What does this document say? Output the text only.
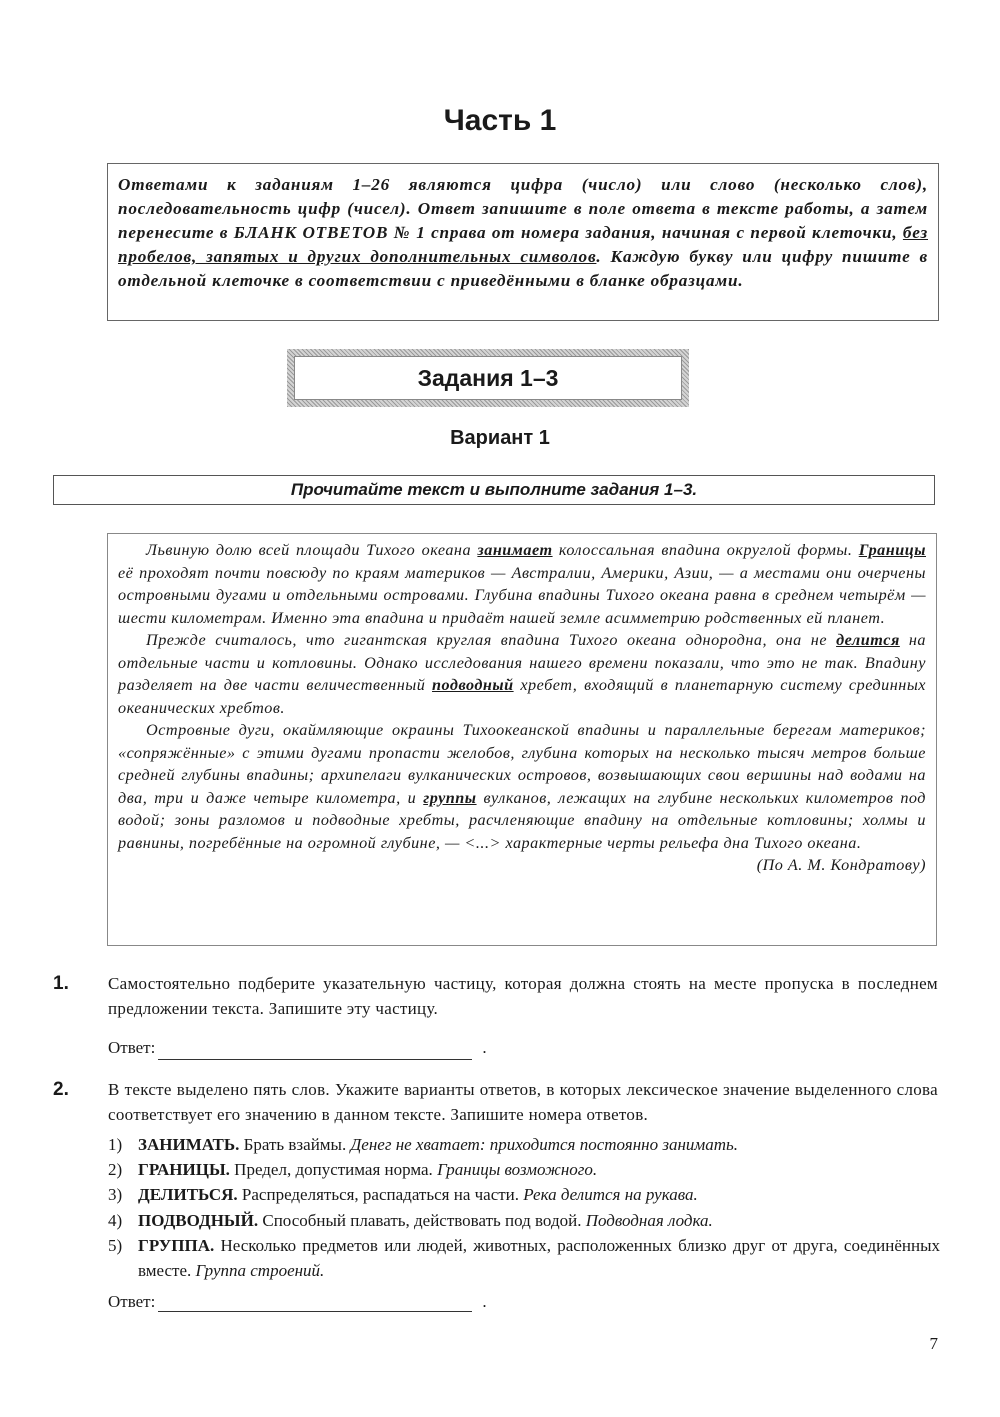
Часть 1

Ответами к заданиям 1–26 являются цифра (число) или слово (несколько слов), последовательность цифр (чисел). Ответ запишите в поле ответа в тексте работы, а затем перенесите в БЛАНК ОТВЕТОВ № 1 справа от номера задания, начиная с первой клеточки, без пробелов, запятых и других дополнительных символов. Каждую букву или цифру пишите в отдельной клеточке в соответствии с приведёнными в бланке образцами.

Задания 1–3
Вариант 1
Прочитайте текст и выполните задания 1–3.

Львиную долю всей площади Тихого океана занимает колоссальная впадина округлой формы. Границы её проходят почти повсюду по краям материков — Австралии, Америки, Азии, — а местами они очерчены островными дугами и отдельными островами. Глубина впадины Тихого океана равна в среднем четырём — шести километрам. Именно эта впадина и придаёт нашей земле асимметрию родственных ей планет.

Прежде считалось, что гигантская круглая впадина Тихого океана однородна, она не делится на отдельные части и котловины. Однако исследования нашего времени показали, что это не так. Впадину разделяет на две части величественный подводный хребет, входящий в планетарную систему срединных океанических хребтов.

Островные дуги, окаймляющие окраины Тихоокеанской впадины и параллельные берегам материков; «сопряжённые» с этими дугами пропасти желобов, глубина которых на несколько тысяч метров больше средней глубины впадины; архипелаги вулканических островов, возвышающих свои вершины над водами на два, три и даже четыре километра, и группы вулканов, лежащих на глубине нескольких километров под водой; зоны разломов и подводные хребты, расчленяющие впадину на отдельные котловины; холмы и равнины, погребённые на огромной глубине, — <...> характерные черты рельефа дна Тихого океана.

(По А. М. Кондратову)

1. Самостоятельно подберите указательную частицу, которая должна стоять на месте пропуска в последнем предложении текста. Запишите эту частицу.
Ответ:	.
2. В тексте выделено пять слов. Укажите варианты ответов, в которых лексическое значение выделенного слова соответствует его значению в данном тексте. Запишите номера ответов.
1) ЗАНИМАТЬ. Брать взаймы. Денег не хватает: приходится постоянно занимать.
2) ГРАНИЦЫ. Предел, допустимая норма. Границы возможного.
3) ДЕЛИТЬСЯ. Распределяться, распадаться на части. Река делится на рукава.
4) ПОДВОДНЫЙ. Способный плавать, действовать под водой. Подводная лодка.
5) ГРУППА. Несколько предметов или людей, животных, расположенных близко друг от друга, соединённых вместе. Группа строений.
Ответ:	.
7
